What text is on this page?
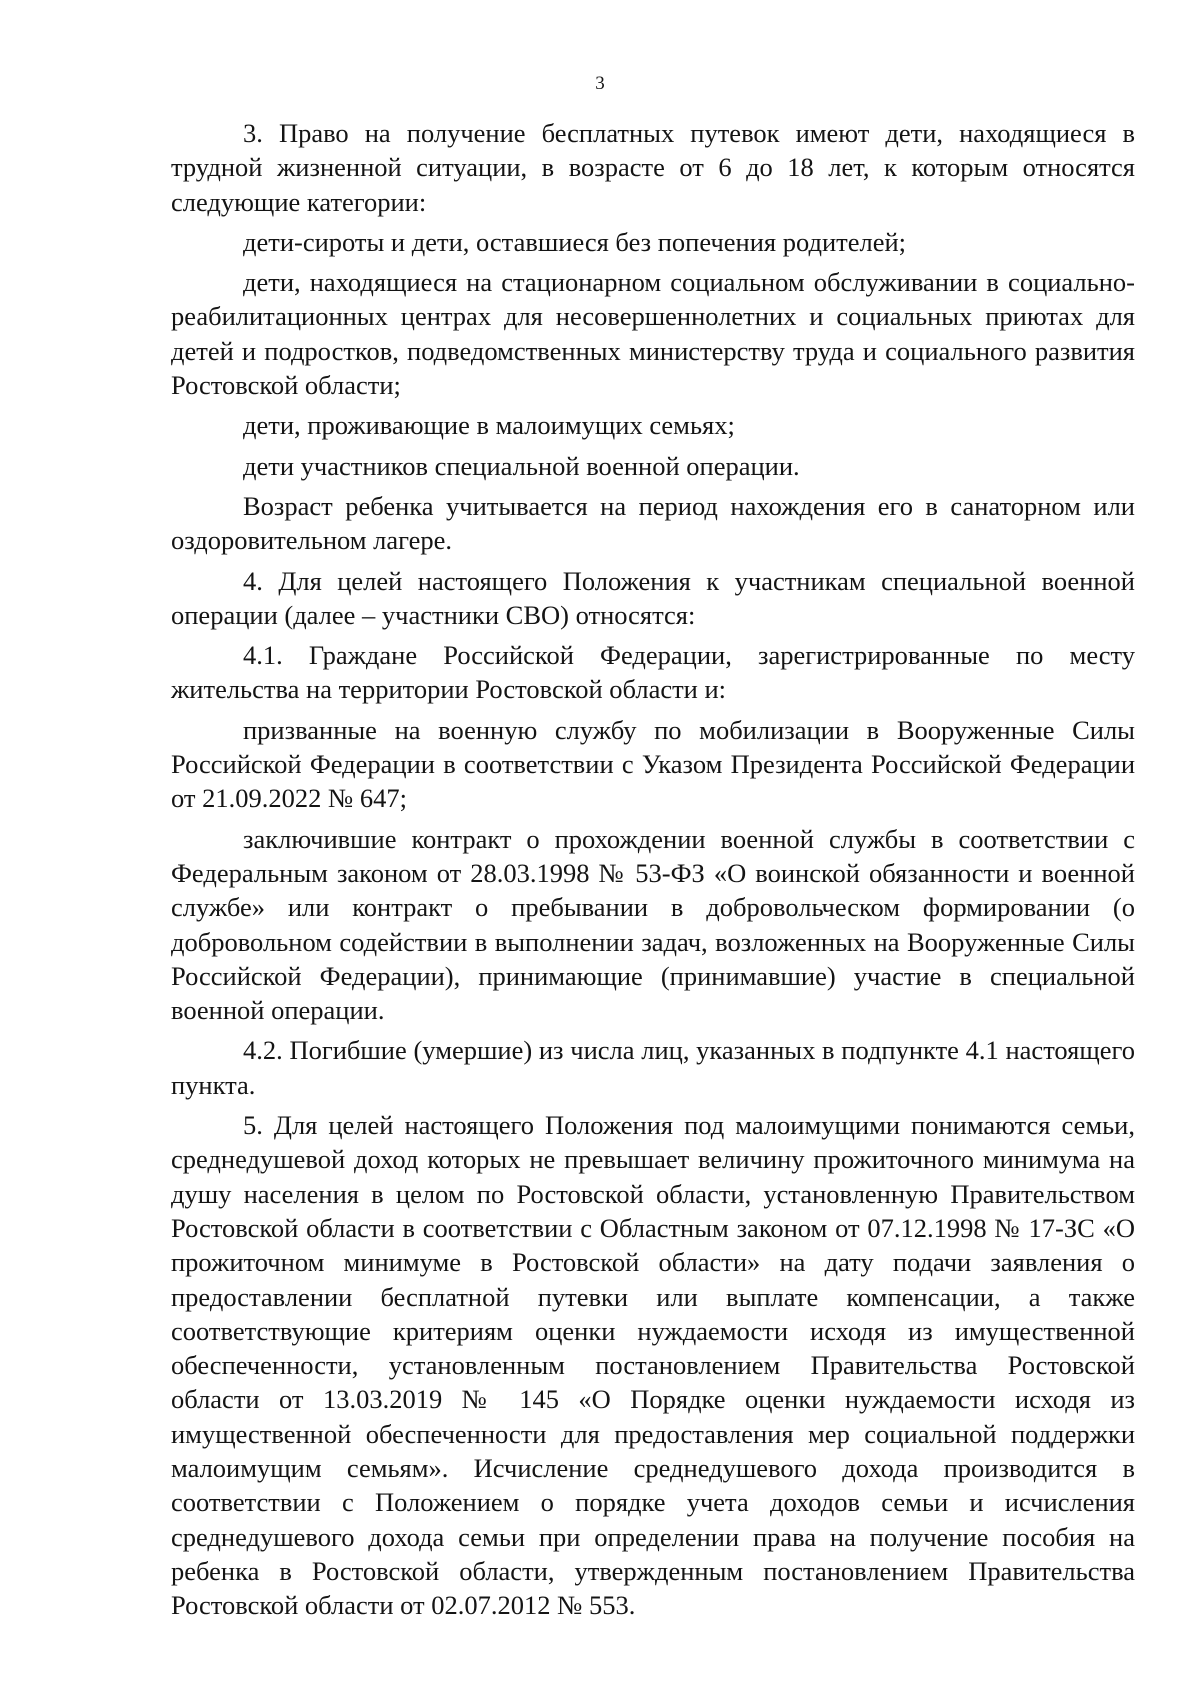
3

3. Право на получение бесплатных путевок имеют дети, находящиеся в трудной жизненной ситуации, в возрасте от 6 до 18 лет, к которым относятся следующие категории:

дети-сироты и дети, оставшиеся без попечения родителей;

дети, находящиеся на стационарном социальном обслуживании в социально-реабилитационных центрах для несовершеннолетних и социальных приютах для детей и подростков, подведомственных министерству труда и социального развития Ростовской области;

дети, проживающие в малоимущих семьях;

дети участников специальной военной операции.

Возраст ребенка учитывается на период нахождения его в санаторном или оздоровительном лагере.

4. Для целей настоящего Положения к участникам специальной военной операции (далее – участники СВО) относятся:

4.1. Граждане Российской Федерации, зарегистрированные по месту жительства на территории Ростовской области и:

призванные на военную службу по мобилизации в Вооруженные Силы Российской Федерации в соответствии с Указом Президента Российской Федерации от 21.09.2022 № 647;

заключившие контракт о прохождении военной службы в соответствии с Федеральным законом от 28.03.1998 № 53-ФЗ «О воинской обязанности и военной службе» или контракт о пребывании в добровольческом формировании (о добровольном содействии в выполнении задач, возложенных на Вооруженные Силы Российской Федерации), принимающие (принимавшие) участие в специальной военной операции.

4.2. Погибшие (умершие) из числа лиц, указанных в подпункте 4.1 настоящего пункта.

5. Для целей настоящего Положения под малоимущими понимаются семьи, среднедушевой доход которых не превышает величину прожиточного минимума на душу населения в целом по Ростовской области, установленную Правительством Ростовской области в соответствии с Областным законом от 07.12.1998 № 17-ЗС «О прожиточном минимуме в Ростовской области» на дату подачи заявления о предоставлении бесплатной путевки или выплате компенсации, а также соответствующие критериям оценки нуждаемости исходя из имущественной обеспеченности, установленным постановлением Правительства Ростовской области от 13.03.2019 № 145 «О Порядке оценки нуждаемости исходя из имущественной обеспеченности для предоставления мер социальной поддержки малоимущим семьям». Исчисление среднедушевого дохода производится в соответствии с Положением о порядке учета доходов семьи и исчисления среднедушевого дохода семьи при определении права на получение пособия на ребенка в Ростовской области, утвержденным постановлением Правительства Ростовской области от 02.07.2012 № 553.
